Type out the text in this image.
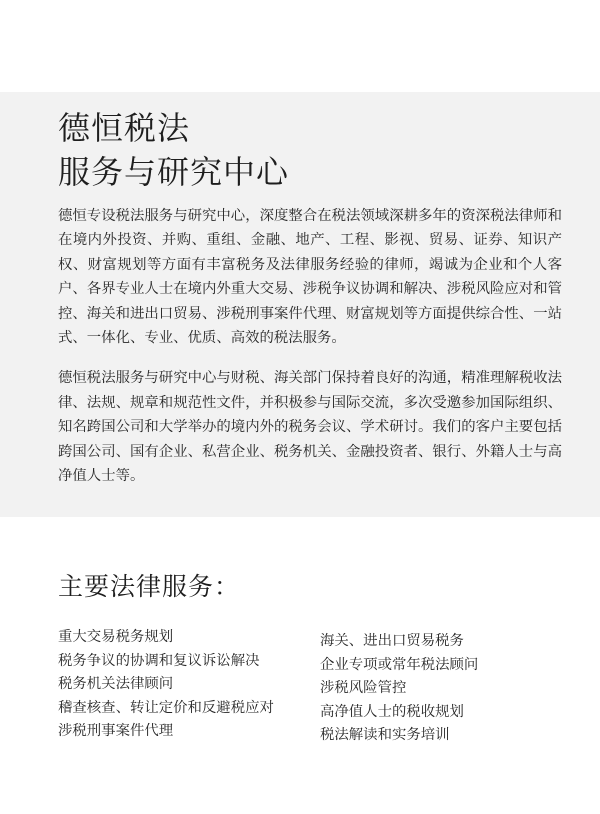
德恒税法
服务与研究中心

德恒专设税法服务与研究中心，深度整合在税法领域深耕多年的资深税法律师和在境内外投资、并购、重组、金融、地产、工程、影视、贸易、证券、知识产权、财富规划等方面有丰富税务及法律服务经验的律师，竭诚为企业和个人客户、各界专业人士在境内外重大交易、涉税争议协调和解决、涉税风险应对和管控、海关和进出口贸易、涉税刑事案件代理、财富规划等方面提供综合性、一站式、一体化、专业、优质、高效的税法服务。

德恒税法服务与研究中心与财税、海关部门保持着良好的沟通，精准理解税收法律、法规、规章和规范性文件，并积极参与国际交流，多次受邀参加国际组织、知名跨国公司和大学举办的境内外的税务会议、学术研讨。我们的客户主要包括跨国公司、国有企业、私营企业、税务机关、金融投资者、银行、外籍人士与高净值人士等。

主要法律服务：
重大交易税务规划
税务争议的协调和复议诉讼解决
税务机关法律顾问
稽查核查、转让定价和反避税应对
涉税刑事案件代理
海关、进出口贸易税务
企业专项或常年税法顾问
涉税风险管控
高净值人士的税收规划
税法解读和实务培训
